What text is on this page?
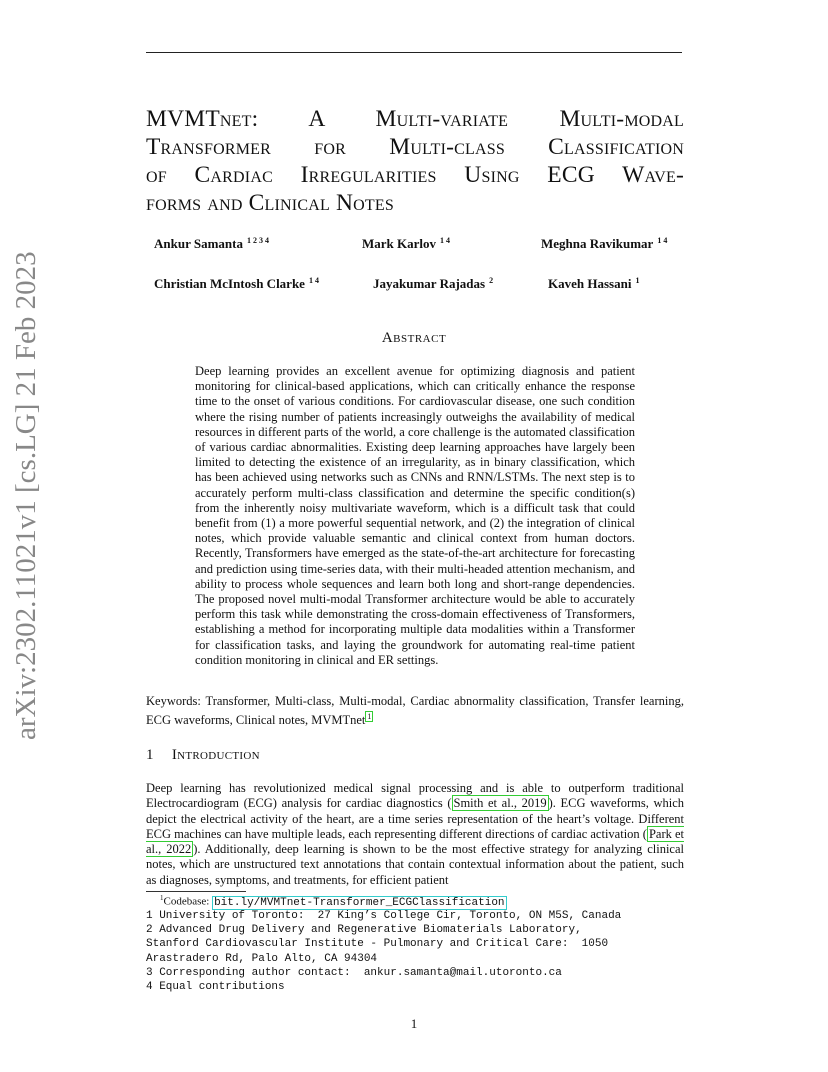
arXiv:2302.11021v1 [cs.LG] 21 Feb 2023
MVMTnet: A Multi-variate Multi-modal
Transformer for Multi-class Classification
of Cardiac Irregularities Using ECG Wave-
forms and Clinical Notes
Ankur Samanta $^{1 2 3 4}$	Mark Karlov $^{1 4}$	Meghna Ravikumar $^{1 4}$
Christian McIntosh Clarke $^{1 4}$	Jayakumar Rajadas $^2$	Kaveh Hassani $^1$
Abstract
Deep learning provides an excellent avenue for optimizing diagnosis and patient monitoring for clinical-based applications, which can critically enhance the response time to the onset of various conditions. For cardiovascular disease, one such condition where the rising number of patients increasingly outweighs the availability of medical resources in different parts of the world, a core challenge is the automated classification of various cardiac abnormalities. Existing deep learning approaches have largely been limited to detecting the existence of an irregularity, as in binary classification, which has been achieved using networks such as CNNs and RNN/LSTMs. The next step is to accurately perform multi-class classification and determine the specific condition(s) from the inherently noisy multivariate waveform, which is a difficult task that could benefit from (1) a more powerful sequential network, and (2) the integration of clinical notes, which provide valuable semantic and clinical context from human doctors. Recently, Transformers have emerged as the state-of-the-art architecture for forecasting and prediction using time-series data, with their multi-headed attention mechanism, and ability to process whole sequences and learn both long and short-range dependencies. The proposed novel multi-modal Transformer architecture would be able to accurately perform this task while demonstrating the cross-domain effectiveness of Transformers, establishing a method for incorporating multiple data modalities within a Transformer for classification tasks, and laying the groundwork for automating real-time patient condition monitoring in clinical and ER settings.
Keywords: Transformer, Multi-class, Multi-modal, Cardiac abnormality classification, Transfer learning, ECG waveforms, Clinical notes, MVMTnet $^1$
1 Introduction
Deep learning has revolutionized medical signal processing and is able to outperform traditional Electrocardiogram (ECG) analysis for cardiac diagnostics ( Smith et al., 2019 ). ECG waveforms, which depict the electrical activity of the heart, are a time series representation of the heart’s voltage. Different ECG machines can have multiple leads, each representing different directions of cardiac activation ( Park et al., 2022 ). Additionally, deep learning is shown to be the most effective strategy for analyzing clinical notes, which are unstructured text annotations that contain contextual information about the patient, such as diagnoses, symptoms, and treatments, for efficient patient
$^1$Codebase: bit.ly/MVMTnet-Transformer_ECGClassification
1 University of Toronto:  27 King’s College Cir, Toronto, ON M5S, Canada
2 Advanced Drug Delivery and Regenerative Biomaterials Laboratory,
Stanford Cardiovascular Institute - Pulmonary and Critical Care:  1050
Arastradero Rd, Palo Alto, CA 94304
3 Corresponding author contact:  ankur.samanta@mail.utoronto.ca
4 Equal contributions
1
